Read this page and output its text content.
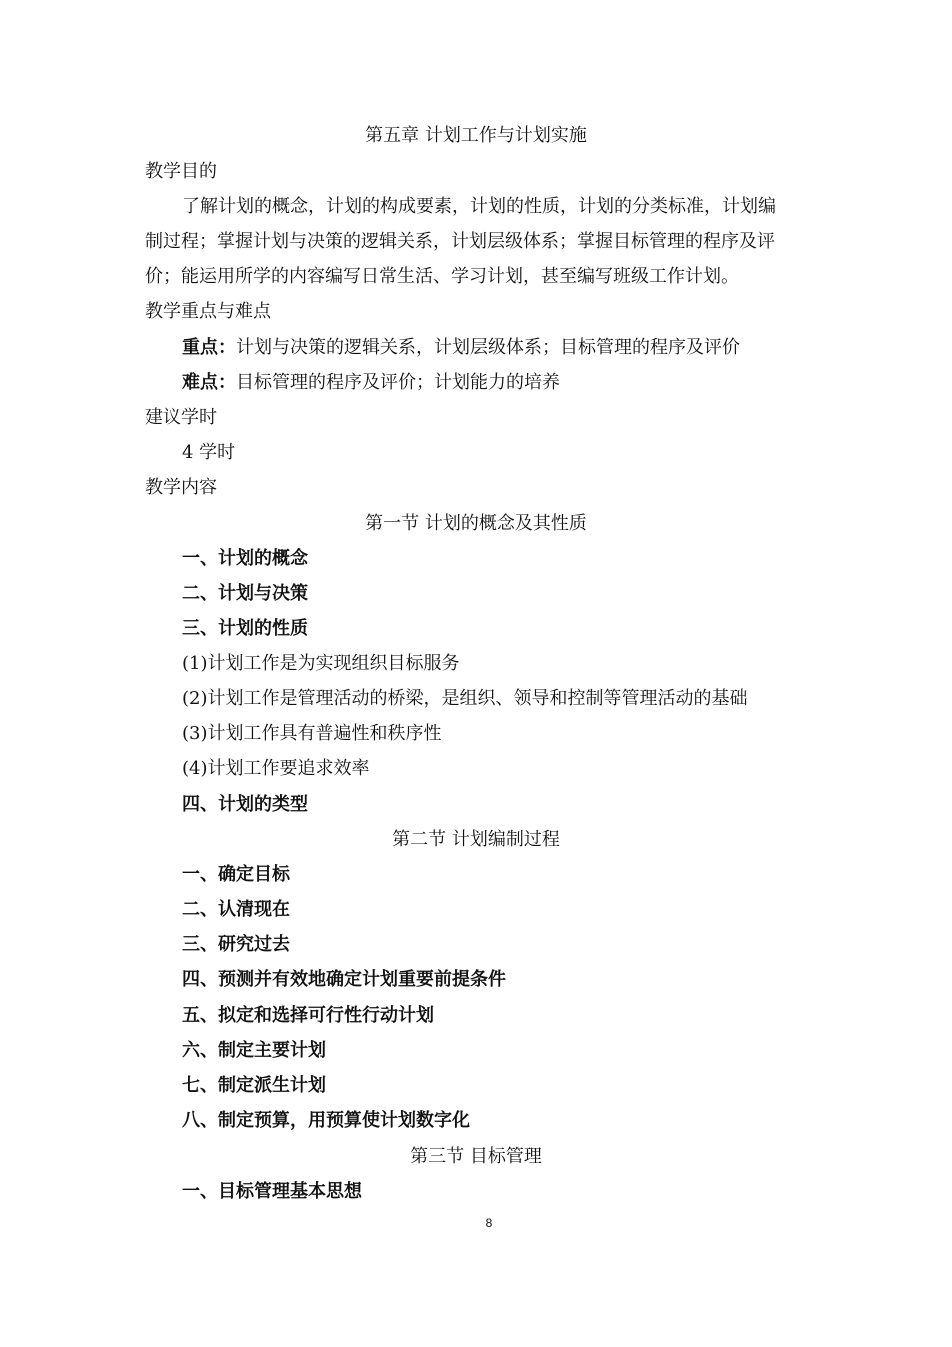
第五章 计划工作与计划实施
教学目的
了解计划的概念，计划的构成要素，计划的性质，计划的分类标准，计划编
制过程；掌握计划与决策的逻辑关系，计划层级体系；掌握目标管理的程序及评
价；能运用所学的内容编写日常生活、学习计划，甚至编写班级工作计划。
教学重点与难点
重点：计划与决策的逻辑关系，计划层级体系；目标管理的程序及评价
难点：目标管理的程序及评价；计划能力的培养
建议学时
4 学时
教学内容
第一节 计划的概念及其性质
一、计划的概念
二、计划与决策
三、计划的性质
(1)计划工作是为实现组织目标服务
(2)计划工作是管理活动的桥梁，是组织、领导和控制等管理活动的基础
(3)计划工作具有普遍性和秩序性
(4)计划工作要追求效率
四、计划的类型
第二节 计划编制过程
一、确定目标
二、认清现在
三、研究过去
四、预测并有效地确定计划重要前提条件
五、拟定和选择可行性行动计划
六、制定主要计划
七、制定派生计划
八、制定预算，用预算使计划数字化
第三节 目标管理
一、目标管理基本思想
8
